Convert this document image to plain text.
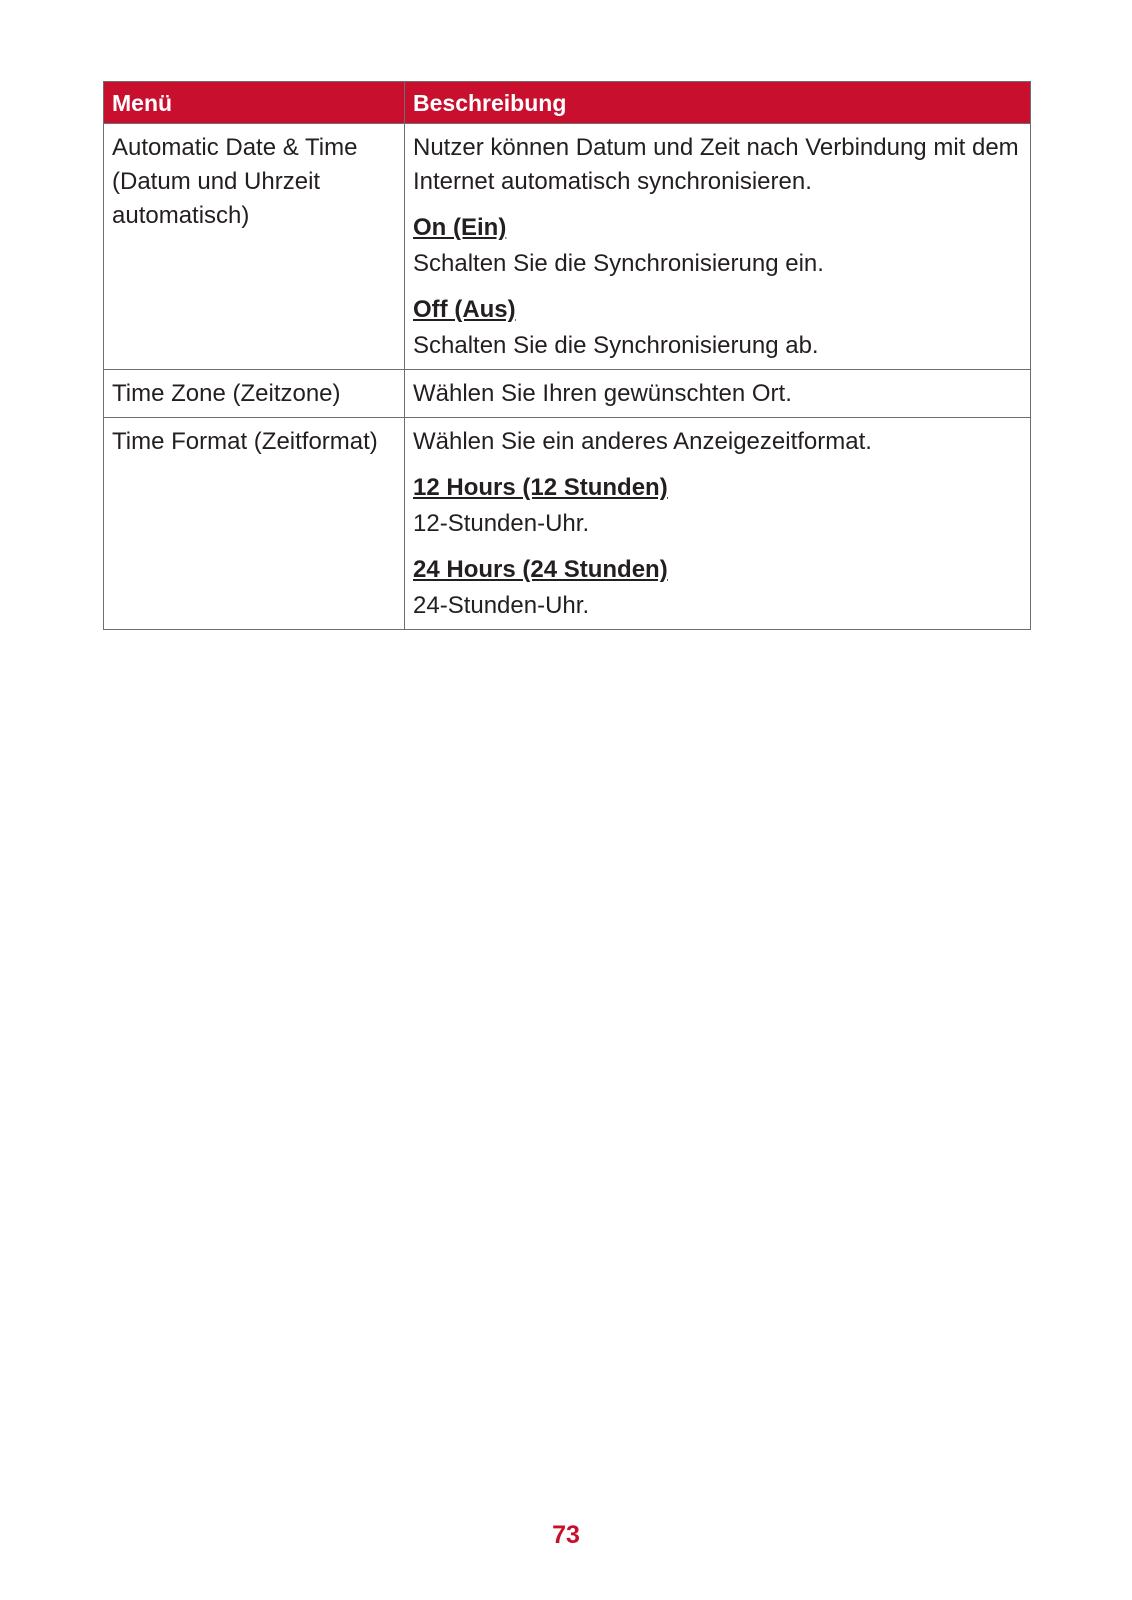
Menü	Beschreibung
Automatic Date & Time (Datum und Uhrzeit automatisch)	Nutzer können Datum und Zeit nach Verbindung mit dem Internet automatisch synchronisieren.
On (Ein)
Schalten Sie die Synchronisierung ein.
Off (Aus)
Schalten Sie die Synchronisierung ab.

Time Zone (Zeitzone)	Wählen Sie Ihren gewünschten Ort.

Time Format (Zeitformat)	Wählen Sie ein anderes Anzeigezeitformat.
12 Hours (12 Stunden)
12-Stunden-Uhr.
24 Hours (24 Stunden)
24-Stunden-Uhr.
73
